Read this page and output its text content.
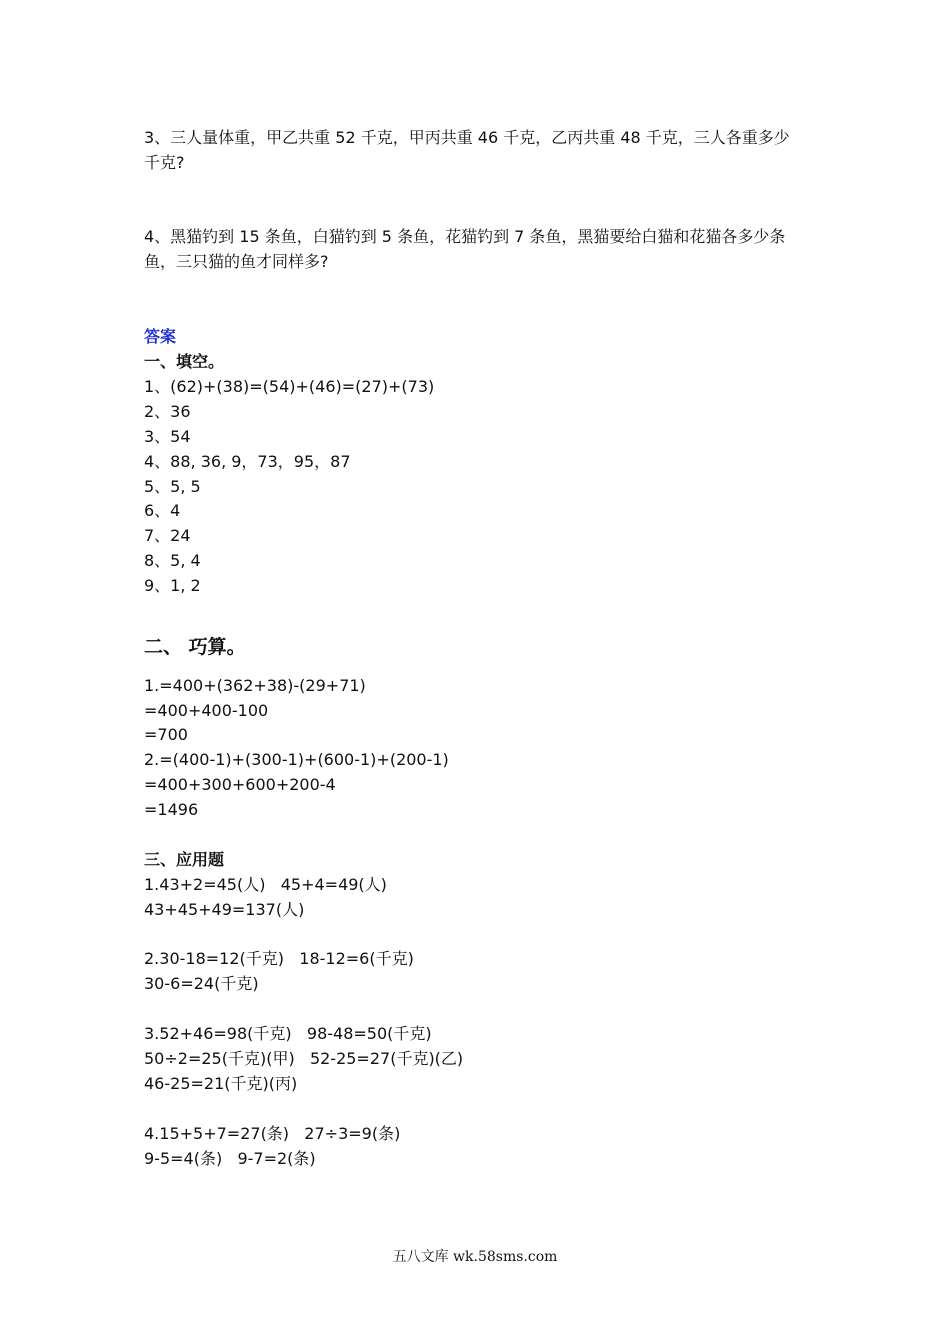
3、三人量体重，甲乙共重 52 千克，甲丙共重 46 千克，乙丙共重 48 千克，三人各重多少千克?
4、黑猫钓到 15 条鱼，白猫钓到 5 条鱼，花猫钓到 7 条鱼，黑猫要给白猫和花猫各多少条鱼，三只猫的鱼才同样多?
答案
一、填空。
1、(62)+(38)=(54)+(46)=(27)+(73)
2、36
3、54
4、88, 36, 9，73，95，87
5、5, 5
6、4
7、24
8、5, 4
9、1, 2
二、 巧算。
1.=400+(362+38)-(29+71)
=400+400-100
=700
2.=(400-1)+(300-1)+(600-1)+(200-1)
=400+300+600+200-4
=1496
三、应用题
1.43+2=45(人)   45+4=49(人)
43+45+49=137(人)
2.30-18=12(千克)   18-12=6(千克)
30-6=24(千克)
3.52+46=98(千克)   98-48=50(千克)
50÷2=25(千克)(甲)   52-25=27(千克)(乙)
46-25=21(千克)(丙)
4.15+5+7=27(条)   27÷3=9(条)
9-5=4(条)   9-7=2(条)
五八文库 wk.58sms.com
